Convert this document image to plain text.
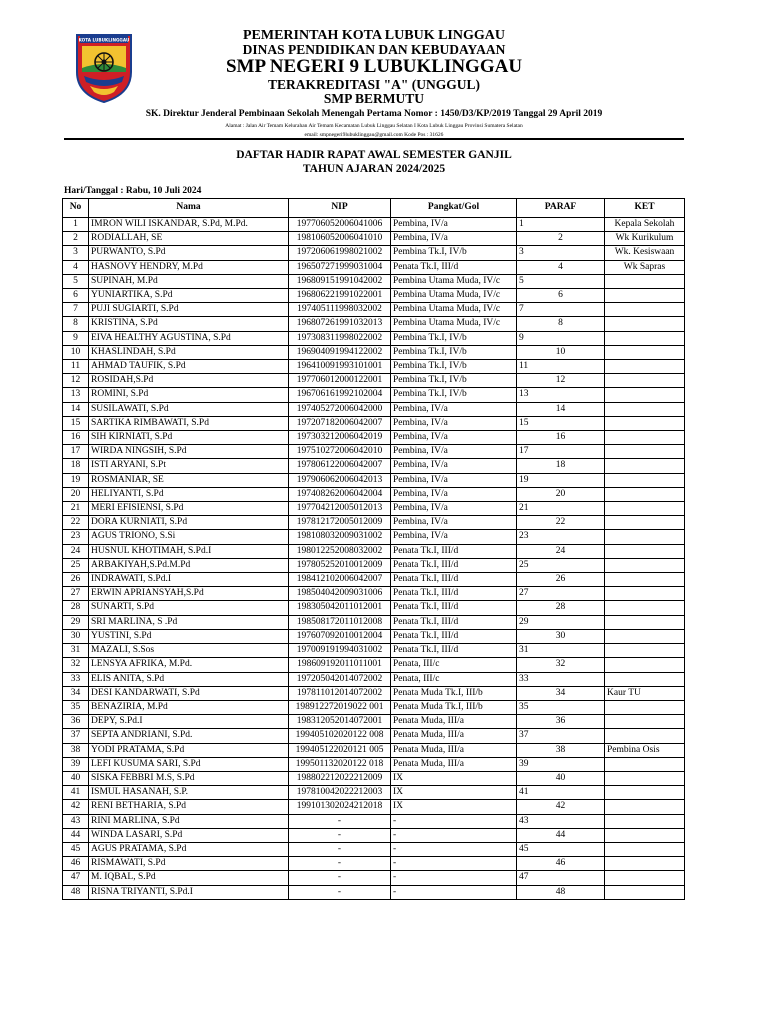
KOTA LUBUKLINGGAU	PEMERINTAH KOTA LUBUK LINGGAU
DINAS PENDIDIKAN DAN KEBUDAYAAN
SMP NEGERI 9 LUBUKLINGGAU
TERAKREDITASI "A" (UNGGUL)
SMP BERMUTU
SK. Direktur Jenderal Pembinaan Sekolah Menengah Pertama Nomor : 1450/D3/KP/2019 Tanggal 29 April 2019
Alamat : Jalan Air Temam Kelurahan Air Temam Kecamatan Lubuk Linggau Selatan I Kota Lubuk Linggau Provinsi Sumatera Selatan
email: smpnegeri9lubuklinggau@gmail.com Kode Pos : 31626
DAFTAR HADIR RAPAT AWAL SEMESTER GANJIL
TAHUN AJARAN 2024/2025
Hari/Tanggal : Rabu, 10 Juli 2024
No	Nama	NIP	Pangkat/Gol	PARAF	KET
1	IMRON WILI ISKANDAR, S.Pd, M.Pd.	197706052006041006	Pembina, IV/a	1	Kepala Sekolah
2	RODIALLAH, SE	198106052006041010	Pembina, IV/a	2	Wk Kurikulum
3	PURWANTO, S.Pd	197206061998021002	Pembina Tk.I, IV/b	3	Wk. Kesiswaan
4	HASNOVY HENDRY, M.Pd	196507271999031004	Penata Tk.I, III/d	4	Wk Sapras
5	SUPINAH, M.Pd	196809151991042002	Pembina Utama Muda, IV/c	5	
6	YUNIARTIKA, S.Pd	196806221991022001	Pembina Utama Muda, IV/c	6	
7	PUJI SUGIARTI, S.Pd	197405111998032002	Pembina Utama Muda, IV/c	7	
8	KRISTINA, S.Pd	196807261991032013	Pembina Utama Muda, IV/c	8	
9	EIVA HEALTHY AGUSTINA, S.Pd	197308311998022002	Pembina Tk.I, IV/b	9	
10	KHASLINDAH, S.Pd	196904091994122002	Pembina Tk.I, IV/b	10	
11	AHMAD TAUFIK, S.Pd	196410091993101001	Pembina Tk.I, IV/b	11	
12	ROSIDAH,S.Pd	197706012000122001	Pembina Tk.I, IV/b	12	
13	ROMINI, S.Pd	196706161992102004	Pembina Tk.I, IV/b	13	
14	SUSILAWATI, S.Pd	197405272006042000	Pembina, IV/a	14	
15	SARTIKA RIMBAWATI, S.Pd	197207182006042007	Pembina, IV/a	15	
16	SIH KIRNIATI, S.Pd	197303212006042019	Pembina, IV/a	16	
17	WIRDA NINGSIH, S.Pd	197510272006042010	Pembina, IV/a	17	
18	ISTI ARYANI, S.Pt	197806122006042007	Pembina, IV/a	18	
19	ROSMANIAR, SE	197906062006042013	Pembina, IV/a	19	
20	HELIYANTI, S.Pd	197408262006042004	Pembina, IV/a	20	
21	MERI EFISIENSI, S.Pd	197704212005012013	Pembina, IV/a	21	
22	DORA KURNIATI, S.Pd	197812172005012009	Pembina, IV/a	22	
23	AGUS TRIONO, S.Si	198108032009031002	Pembina, IV/a	23	
24	HUSNUL KHOTIMAH, S.Pd.I	198012252008032002	Penata Tk.I, III/d	24	
25	ARBAKIYAH,S.Pd.M.Pd	197805252010012009	Penata Tk.I, III/d	25	
26	INDRAWATI, S.Pd.I	198412102006042007	Penata Tk.I, III/d	26	
27	ERWIN APRIANSYAH,S.Pd	198504042009031006	Penata Tk.I, III/d	27	
28	SUNARTI, S.Pd	198305042011012001	Penata Tk.I, III/d	28	
29	SRI MARLINA, S .Pd	198508172011012008	Penata Tk.I, III/d	29	
30	YUSTINI, S.Pd	197607092010012004	Penata Tk.I, III/d	30	
31	MAZALI, S.Sos	197009191994031002	Penata Tk.I, III/d	31	
32	LENSYA AFRIKA, M.Pd.	198609192011011001	Penata, III/c	32	
33	ELIS ANITA, S.Pd	197205042014072002	Penata, III/c	33	
34	DESI KANDARWATI, S.Pd	197811012014072002	Penata Muda Tk.I, III/b	34	Kaur TU
35	BENAZIRIA, M.Pd	198912272019022 001	Penata Muda Tk.I, III/b	35	
36	DEPY, S.Pd.I	198312052014072001	Penata Muda, III/a	36	
37	SEPTA ANDRIANI, S.Pd.	199405102020122 008	Penata Muda, III/a	37	
38	YODI PRATAMA, S.Pd	199405122020121 005	Penata Muda, III/a	38	Pembina Osis
39	LEFI KUSUMA SARI, S.Pd	199501132020122 018	Penata Muda, III/a	39	
40	SISKA FEBBRI M.S, S.Pd	198802212022212009	IX	40	
41	ISMUL HASANAH, S.P.	197810042022212003	IX	41	
42	RENI BETHARIA, S.Pd	199101302024212018	IX	42	
43	RINI MARLINA, S.Pd	-	-	43	
44	WINDA LASARI, S.Pd	-	-	44	
45	AGUS PRATAMA, S.Pd	-	-	45	
46	RISMAWATI, S.Pd	-	-	46	
47	M. IQBAL, S.Pd	-	-	47	
48	RISNA TRIYANTI, S.Pd.I	-	-	48	
